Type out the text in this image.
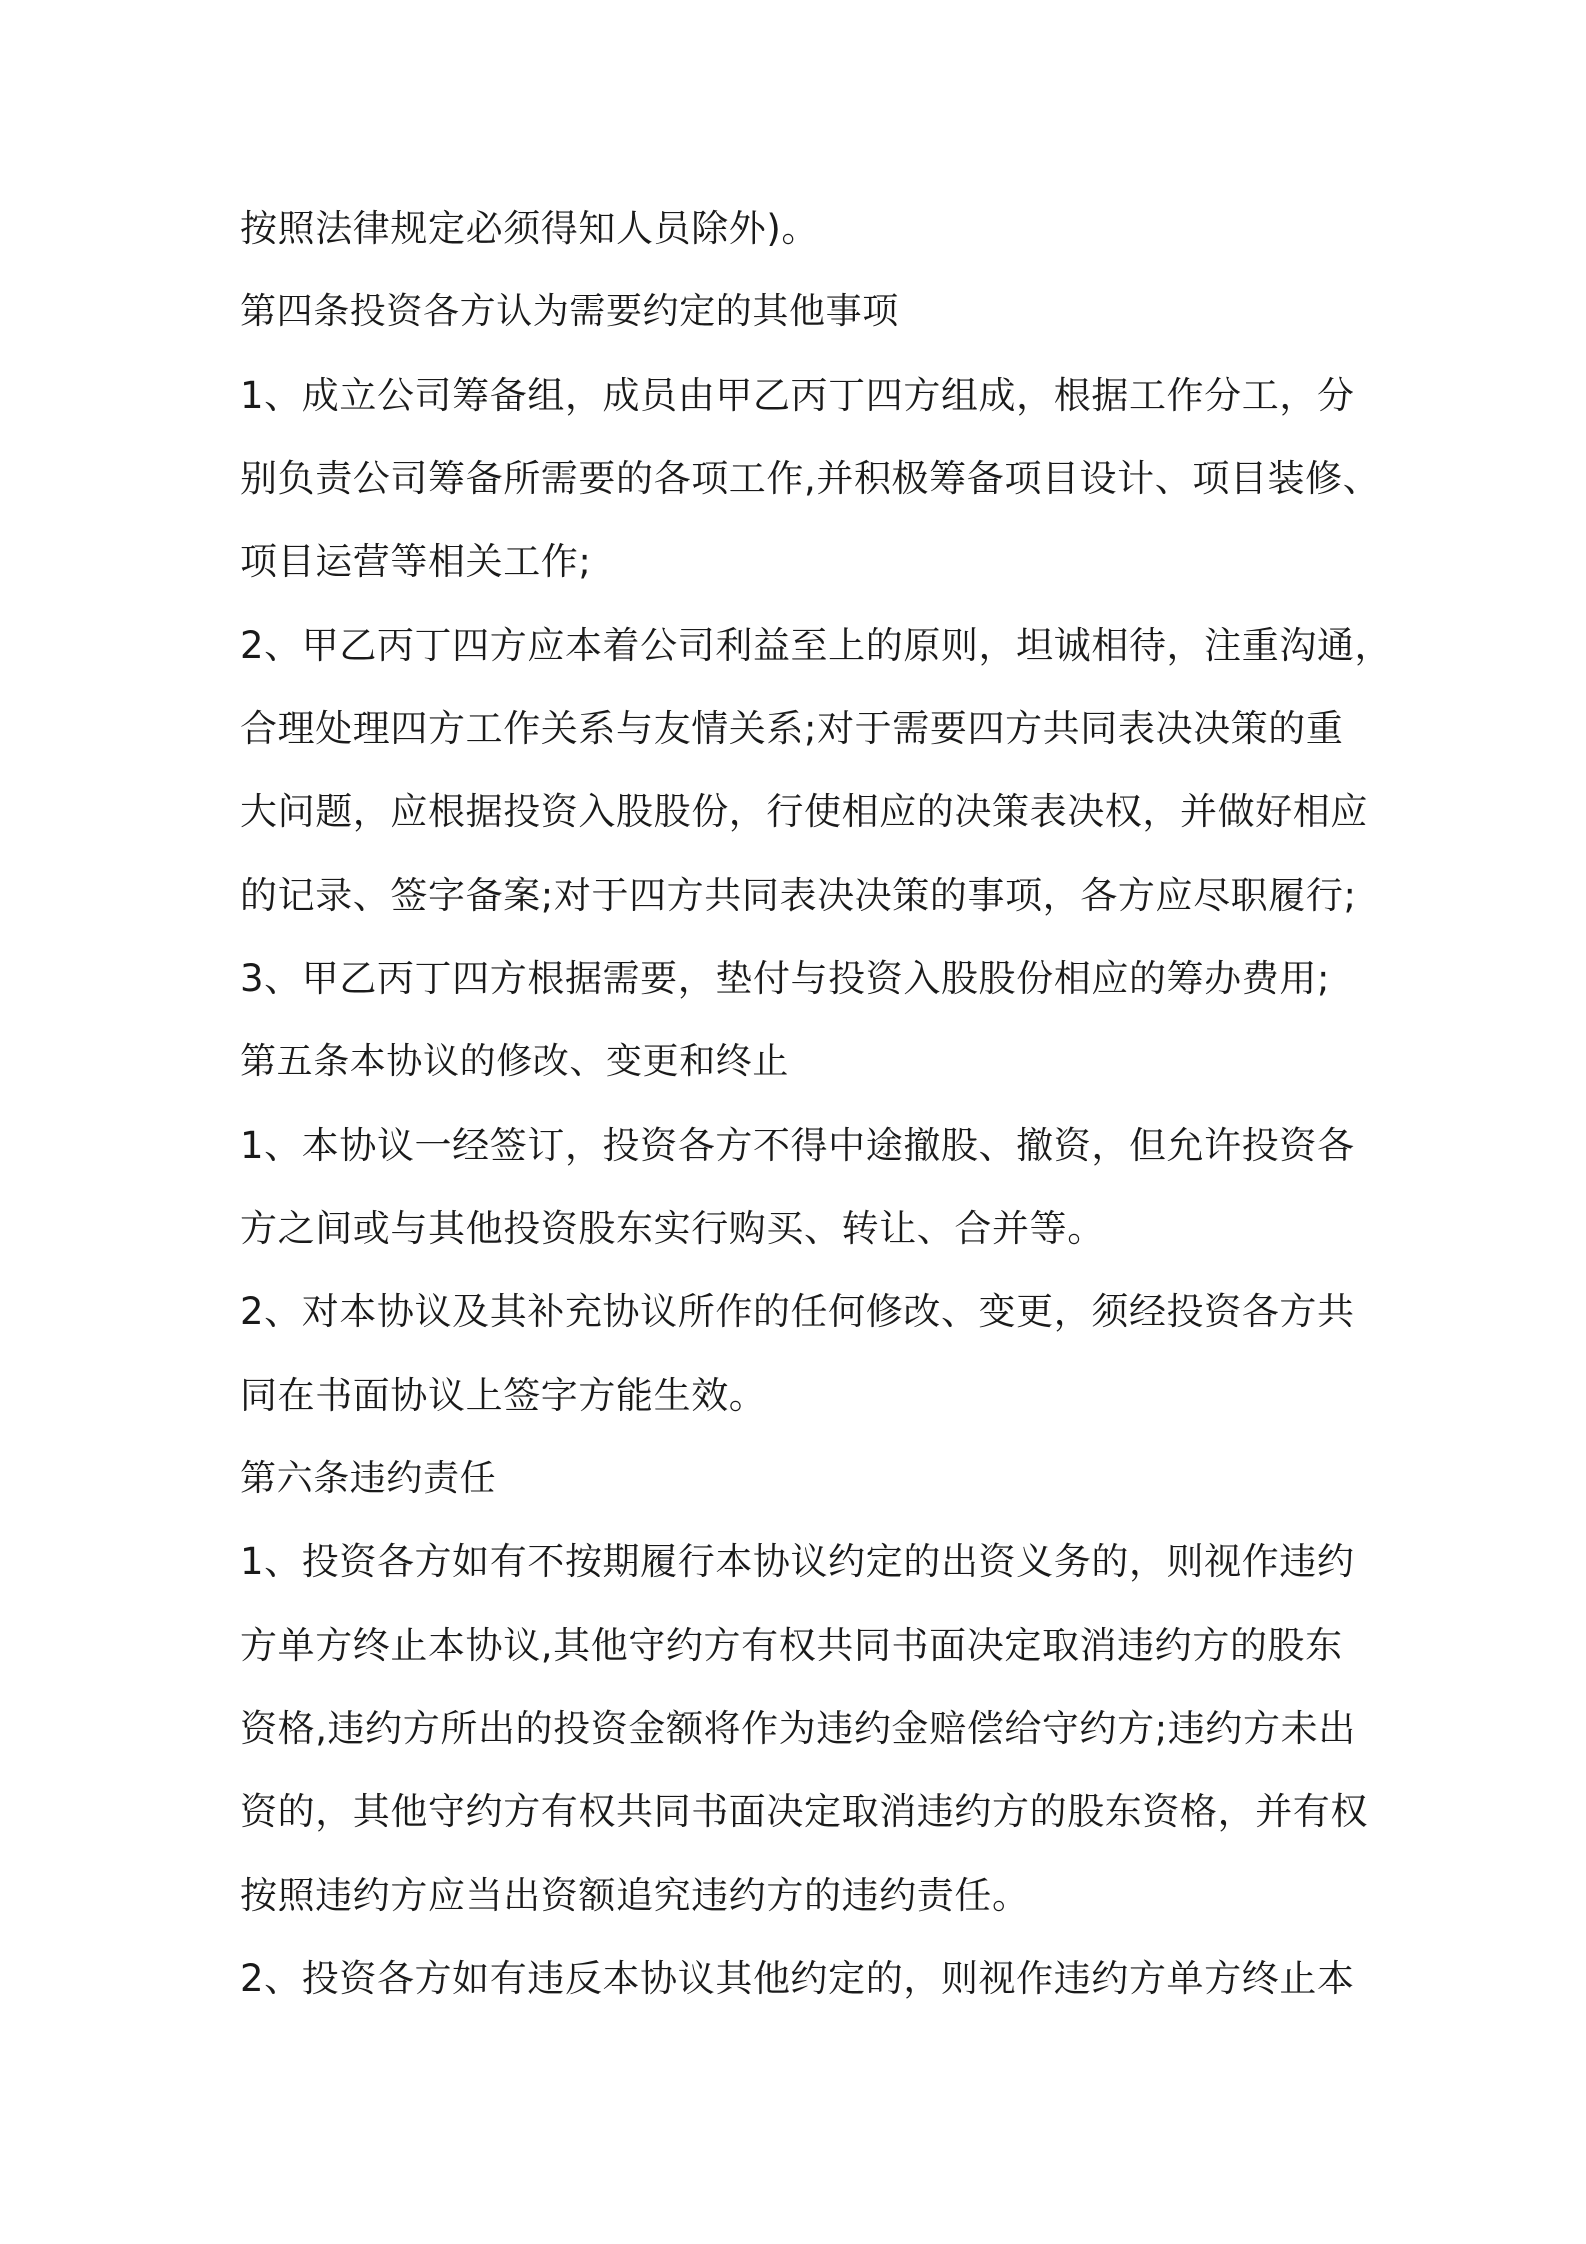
按照法律规定必须得知人员除外)。
第四条投资各方认为需要约定的其他事项
1、成立公司筹备组，成员由甲乙丙丁四方组成，根据工作分工，分
别负责公司筹备所需要的各项工作,并积极筹备项目设计、项目装修、
项目运营等相关工作;
2、甲乙丙丁四方应本着公司利益至上的原则，坦诚相待，注重沟通，
合理处理四方工作关系与友情关系;对于需要四方共同表决决策的重
大问题，应根据投资入股股份，行使相应的决策表决权，并做好相应
的记录、签字备案;对于四方共同表决决策的事项，各方应尽职履行;
3、甲乙丙丁四方根据需要，垫付与投资入股股份相应的筹办费用;
第五条本协议的修改、变更和终止
1、本协议一经签订，投资各方不得中途撤股、撤资，但允许投资各
方之间或与其他投资股东实行购买、转让、合并等。
2、对本协议及其补充协议所作的任何修改、变更，须经投资各方共
同在书面协议上签字方能生效。
第六条违约责任
1、投资各方如有不按期履行本协议约定的出资义务的，则视作违约
方单方终止本协议,其他守约方有权共同书面决定取消违约方的股东
资格,违约方所出的投资金额将作为违约金赔偿给守约方;违约方未出
资的，其他守约方有权共同书面决定取消违约方的股东资格，并有权
按照违约方应当出资额追究违约方的违约责任。
2、投资各方如有违反本协议其他约定的，则视作违约方单方终止本
